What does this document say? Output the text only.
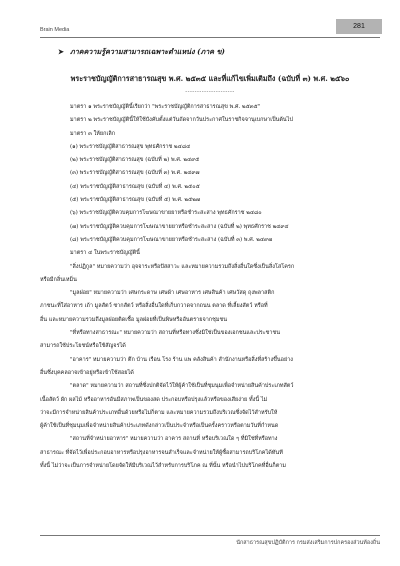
Brain Media	281
➤ ภาคความรู้ความสามารถเฉพาะตำแหน่ง (ภาค ข)
พระราชบัญญัติการสาธารณสุข พ.ศ. ๒๕๓๕ และที่แก้ไขเพิ่มเติมถึง (ฉบับที่ ๓) พ.ศ. ๒๕๖๐
---------------------

มาตรา ๑ พระราชบัญญัตินี้เรียกว่า "พระราชบัญญัติการสาธารณสุข พ.ศ. ๒๕๓๕"

มาตรา ๒ พระราชบัญญัตินี้ให้ใช้บังคับตั้งแต่วันถัดจากวันประกาศในราชกิจจานุเบกษาเป็นต้นไป

มาตรา ๓ ให้ยกเลิก

(๑) พระราชบัญญัติสาธารณสุข พุทธศักราช ๒๔๘๔

(๒) พระราชบัญญัติสาธารณสุข (ฉบับที่ ๒) พ.ศ. ๒๔๙๕

(๓) พระราชบัญญัติสาธารณสุข (ฉบับที่ ๓) พ.ศ. ๒๔๙๗

(๔) พระราชบัญญัติสาธารณสุข (ฉบับที่ ๔) พ.ศ. ๒๕๐๕

(๕) พระราชบัญญัติสาธารณสุข (ฉบับที่ ๕) พ.ศ. ๒๕๒๗

(๖) พระราชบัญญัติควบคุมการโฆษณาขายยาหรือชำระสะสาง พุทธศักราช ๒๔๘๐

(๗) พระราชบัญญัติควบคุมการโฆษณาขายยาหรือชำระสะสาง (ฉบับที่ ๒) พุทธศักราช ๒๔๙๔

(๘) พระราชบัญญัติควบคุมการโฆษณาขายยาหรือชำระสะสาง (ฉบับที่ ๓) พ.ศ. ๒๔๙๗

มาตรา ๔ ในพระราชบัญญัตินี้

"สิ่งปฏิกูล" หมายความว่า อุจจาระหรือปัสสาวะ และหมายความรวมถึงสิ่งอื่นใดซึ่งเป็นสิ่งโสโครก

หรือมีกลิ่นเหม็น

"มูลฝอย" หมายความว่า เศษกระดาษ เศษผ้า เศษอาหาร เศษสินค้า เศษวัสดุ ถุงพลาสติก

ภาชนะที่ใส่อาหาร เถ้า มูลสัตว์ ซากสัตว์ หรือสิ่งอื่นใดที่เก็บกวาดจากถนน ตลาด ที่เลี้ยงสัตว์ หรือที่

อื่น และหมายความรวมถึงมูลฝอยติดเชื้อ มูลฝอยที่เป็นพิษหรืออันตรายจากชุมชน

"ที่หรือทางสาธารณะ" หมายความว่า สถานที่หรือทางซึ่งมิใช่เป็นของเอกชนและประชาชน

สามารถใช้ประโยชน์หรือใช้สัญจรได้

"อาคาร" หมายความว่า ตึก บ้าน เรือน โรง ร้าน แพ คลังสินค้า สำนักงานหรือสิ่งที่สร้างขึ้นอย่าง

อื่นซึ่งบุคคลอาจเข้าอยู่หรือเข้าใช้สอยได้

"ตลาด" หมายความว่า สถานที่ซึ่งปกติจัดไว้ให้ผู้ค้าใช้เป็นที่ชุมนุมเพื่อจำหน่ายสินค้าประเภทสัตว์

เนื้อสัตว์ ผัก ผลไม้ หรืออาหารอันมีสภาพเป็นของสด ประกอบหรือปรุงแล้วหรือของเสียง่าย ทั้งนี้ ไม่

ว่าจะมีการจำหน่ายสินค้าประเภทอื่นด้วยหรือไม่ก็ตาม และหมายความรวมถึงบริเวณซึ่งจัดไว้สำหรับให้

ผู้ค้าใช้เป็นที่ชุมนุมเพื่อจำหน่ายสินค้าประเภทดังกล่าวเป็นประจำหรือเป็นครั้งคราวหรือตามวันที่กำหนด

"สถานที่จำหน่ายอาหาร" หมายความว่า อาคาร สถานที่ หรือบริเวณใด ๆ ที่มิใช่ที่หรือทาง

สาธารณะ ที่จัดไว้เพื่อประกอบอาหารหรือปรุงอาหารจนสำเร็จและจำหน่ายให้ผู้ซื้อสามารถบริโภคได้ทันที

ทั้งนี้ ไม่ว่าจะเป็นการจำหน่ายโดยจัดให้มีบริเวณไว้สำหรับการบริโภค ณ ที่นั้น หรือนำไปบริโภคที่อื่นก็ตาม

นักสาธารณสุขปฏิบัติการ กรมส่งเสริมการปกครองส่วนท้องถิ่น
